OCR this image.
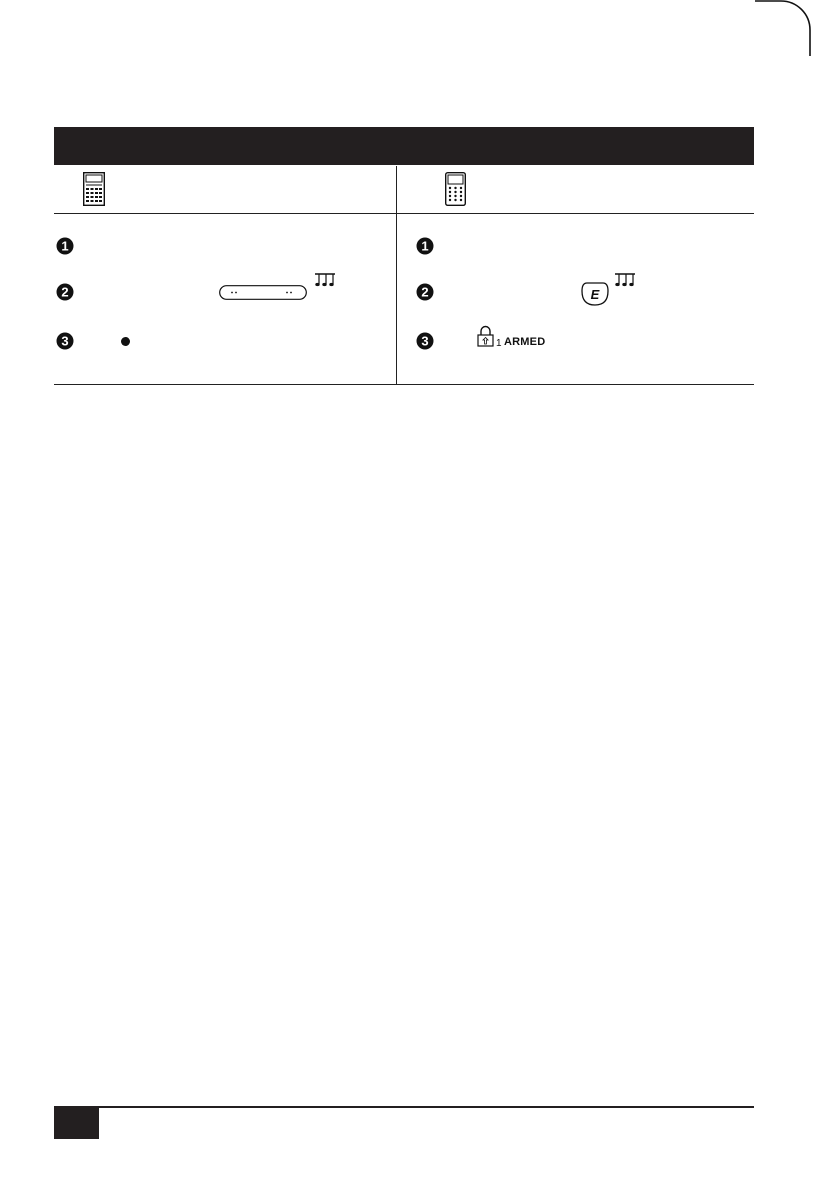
1
2
3
1
2
3
E
1 ARMED
